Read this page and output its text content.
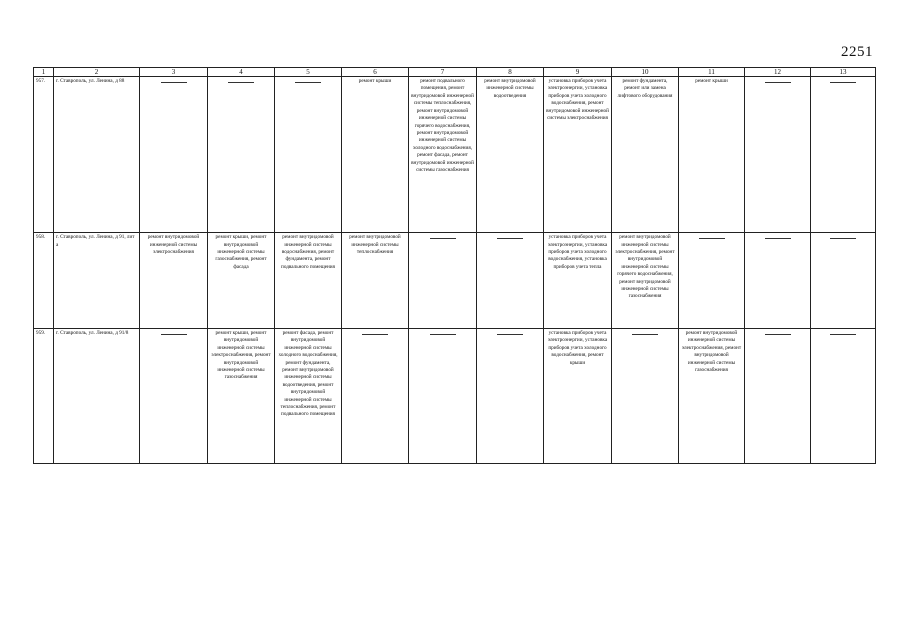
2251
1	2	3	4	5	6	7	8	9	10	11	12	13
957.	г. Ставрополь, ул. Ленина, д 88				ремонт крыши	ремонт подвального помещения, ремонт внутридомовой инженерной системы теплоснабжения, ремонт внутридомовой инженерной системы горячего водоснабжения, ремонт внутридомовой инженерной системы холодного водоснабжения, ремонт фасада, ремонт внутридомовой инженерной системы газоснабжения	ремонт внутридомовой инженерной системы водоотведения	установка приборов учета электроэнергии, установка приборов учета холодного водоснабжения, ремонт внутридомовой инженерной системы электроснабжения	ремонт фундамента, ремонт или замена лифтового оборудования	ремонт крыши	

958.	г. Ставрополь, ул. Ленина, д 91, лит а	ремонт внутридомовой инженерной системы электроснабжения	ремонт крыши, ремонт внутридомовой инженерной системы газоснабжения, ремонт фасада	ремонт внутридомовой инженерной системы водоснабжения, ремонт фундамента, ремонт подвального помещения	ремонт внутридомовой инженерной системы теплоснабжения			установка приборов учета электроэнергии, установка приборов учета холодного водоснабжения, установка приборов учета тепла	ремонт внутридомовой инженерной системы электроснабжения, ремонт внутридомовой инженерной системы горячего водоснабжения, ремонт внутридомовой инженерной системы газоснабжения	

959.	г. Ставрополь, ул. Ленина, д 91/8		ремонт крыши, ремонт внутридомовой инженерной системы электроснабжения, ремонт внутридомовой инженерной системы газоснабжения	ремонт фасада, ремонт внутридомовой инженерной системы холодного водоснабжения, ремонт фундамента, ремонт внутридомовой инженерной системы водоотведения, ремонт внутридомовой инженерной системы теплоснабжения, ремонт подвального помещения				установка приборов учета электроэнергии, установка приборов учета холодного водоснабжения, ремонт крыши		ремонт внутридомовой инженерной системы электроснабжения, ремонт внутридомовой инженерной системы газоснабжения	
